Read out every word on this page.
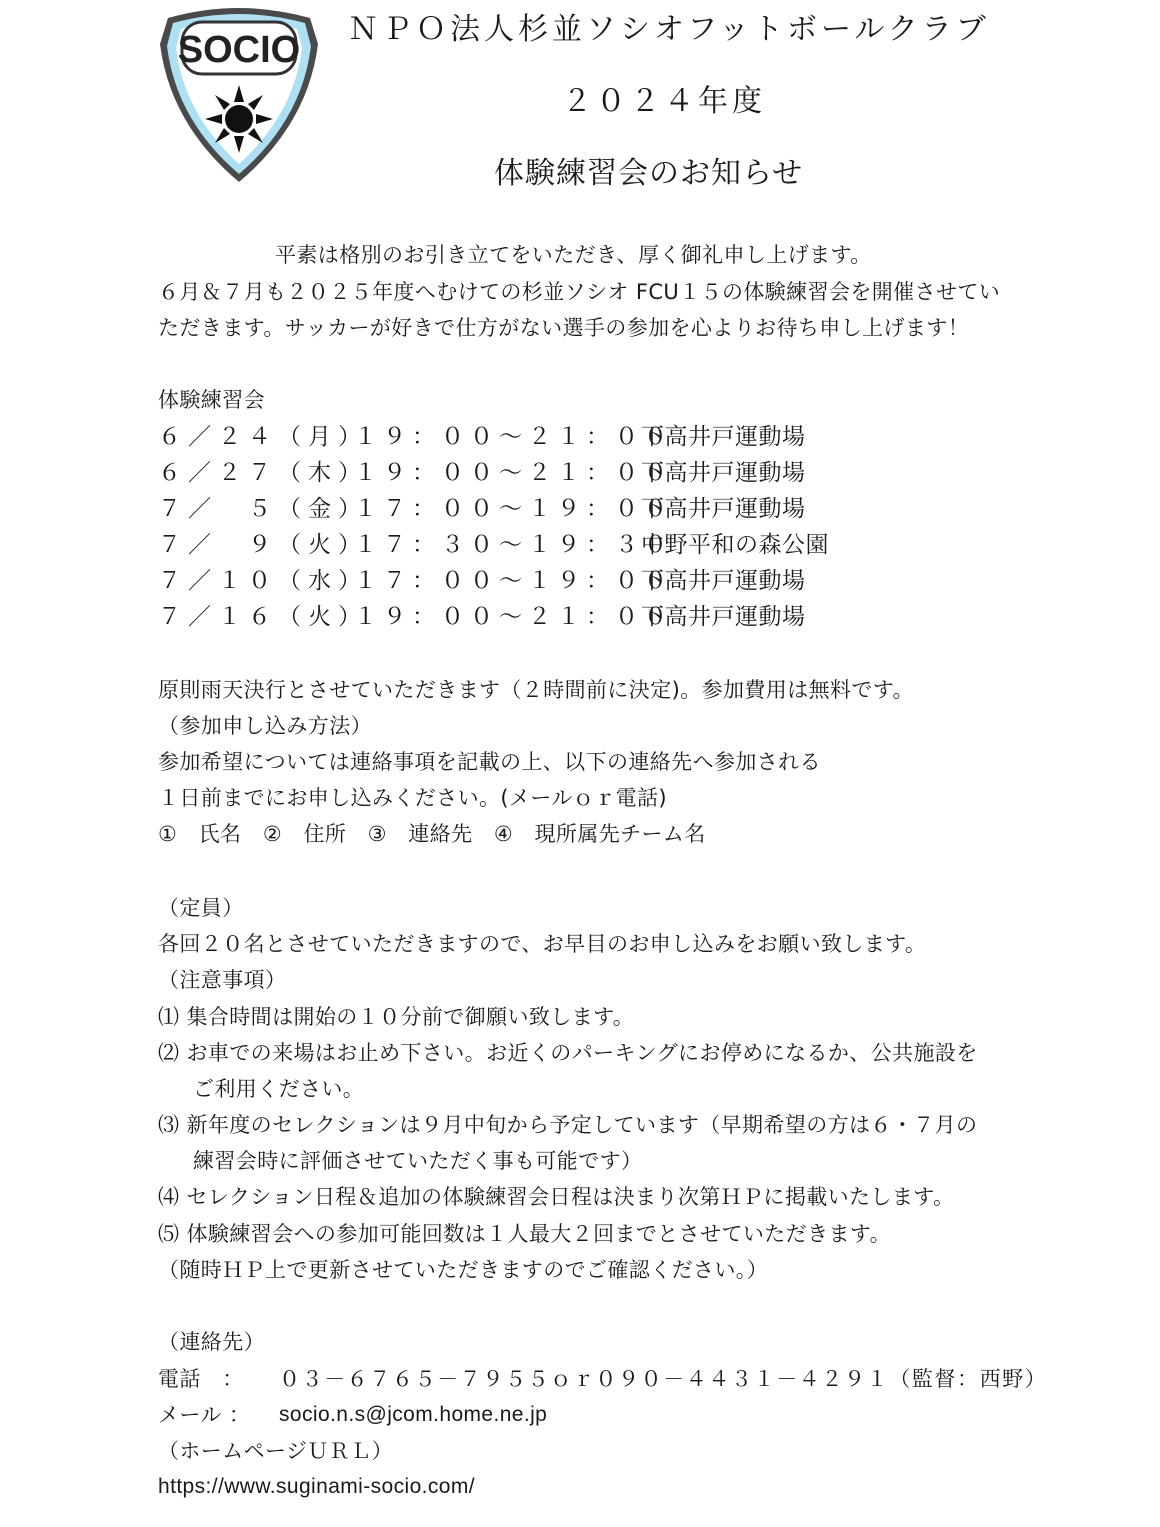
SOCIO ＮＰＯ法人杉並ソシオフットボールクラブ
２０２４年度
体験練習会のお知らせ
平素は格別のお引き立てをいただき、厚く御礼申し上げます。
６月＆７月も２０２５年度へむけての杉並ソシオ FCU１５の体験練習会を開催させてい
ただきます。サッカーが好きで仕方がない選手の参加を心よりお待ち申し上げます！
体験練習会
６／２４（月）
１９：００～２１：００
下高井戸運動場
６／２７（木）
１９：００～２１：００
下高井戸運動場
７／　５（金）
１７：００～１９：００
下高井戸運動場
７／　９（火）
１７：３０～１９：３０
中野平和の森公園
７／１０（水）
１７：００～１９：００
下高井戸運動場
７／１６（火）
１９：００～２１：００
下高井戸運動場
原則雨天決行とさせていただきます（２時間前に決定)。参加費用は無料です。
（参加申し込み方法）
参加希望については連絡事項を記載の上、以下の連絡先へ参加される
１日前までにお申し込みください。(メールｏｒ電話)
①　氏名　②　住所　③　連絡先　④　現所属先チーム名
（定員）
各回２０名とさせていただきますので、お早目のお申し込みをお願い致します。
（注意事項）
⑴ 集合時間は開始の１０分前で御願い致します。
⑵ お車での来場はお止め下さい。お近くのパーキングにお停めになるか、公共施設を
ご利用ください。
⑶ 新年度のセレクションは９月中旬から予定しています（早期希望の方は６・７月の
練習会時に評価させていただく事も可能です）
⑷ セレクション日程＆追加の体験練習会日程は決まり次第ＨＰに掲載いたします。
⑸ 体験練習会への参加可能回数は１人最大２回までとさせていただきます。
（随時ＨＰ上で更新させていただきますのでご確認ください。）
（連絡先）
電話　： ０３－６７６５－７９５５ｏｒ０９０－４４３１－４２９１（監督：西野）
メール ： socio.n.s@jcom.home.ne.jp
（ホームページＵＲＬ）
https://www.suginami-socio.com/
